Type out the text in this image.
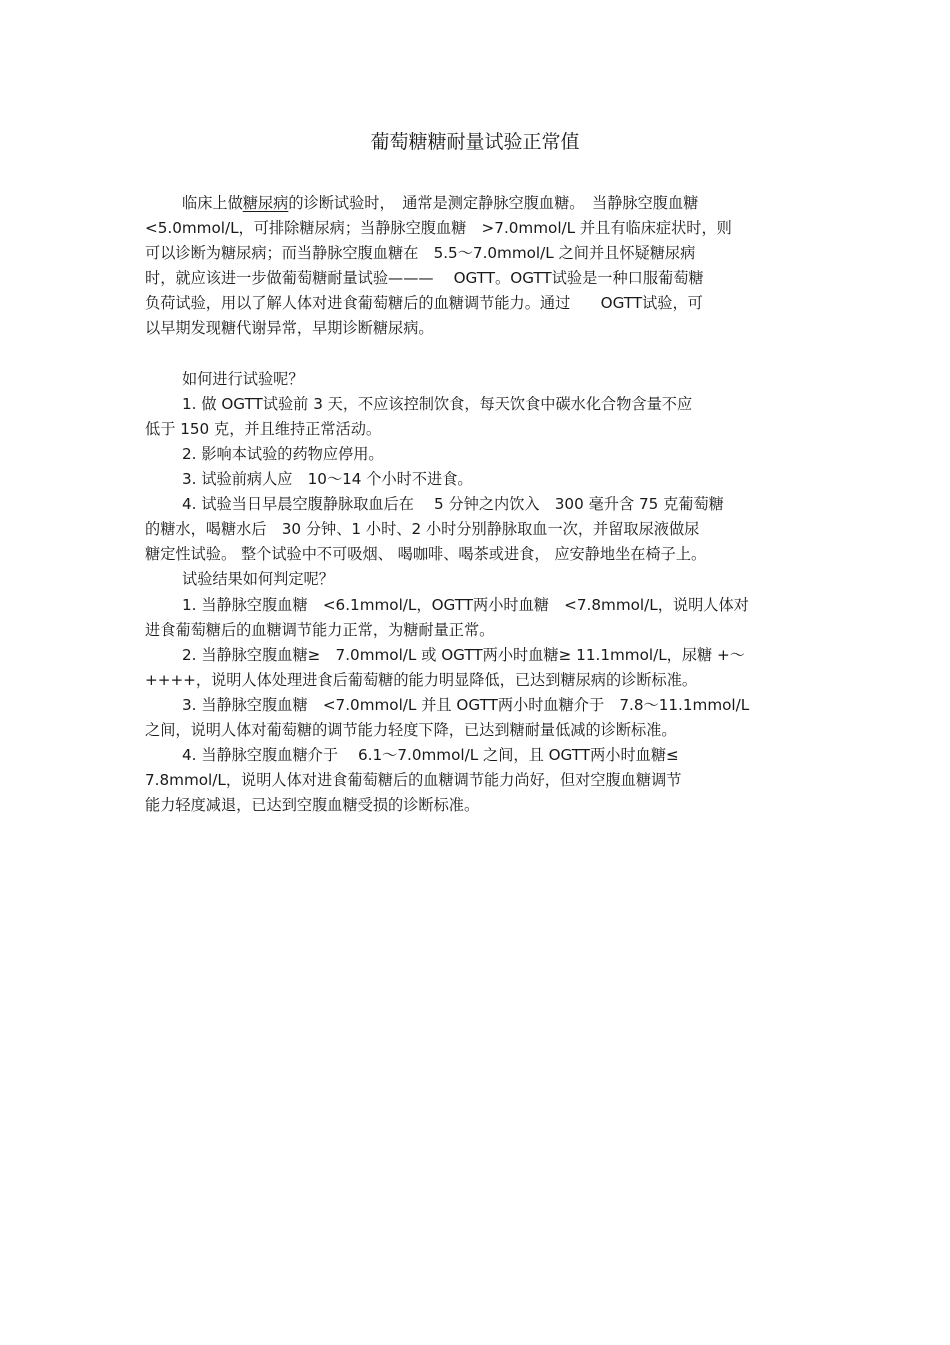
葡萄糖糖耐量试验正常值

临床上做糖尿病的诊断试验时，　通常是测定静脉空腹血糖。　当静脉空腹血糖

<5.0mmol/L，可排除糖尿病；当静脉空腹血糖　>7.0mmol/L 并且有临床症状时，则

可以诊断为糖尿病；而当静脉空腹血糖在　5.5～7.0mmol/L 之间并且怀疑糖尿病

时，就应该进一步做葡萄糖耐量试验———　 OGTT。OGTT试验是一种口服葡萄糖

负荷试验，用以了解人体对进食葡萄糖后的血糖调节能力。通过　　OGTT试验，可

以早期发现糖代谢异常，早期诊断糖尿病。

如何进行试验呢？

1. 做 OGTT试验前 3 天，不应该控制饮食，每天饮食中碳水化合物含量不应

低于 150 克，并且维持正常活动。

2. 影响本试验的药物应停用。

3. 试验前病人应　10～14 个小时不进食。

4. 试验当日早晨空腹静脉取血后在　 5 分钟之内饮入　300 毫升含 75 克葡萄糖

的糖水，喝糖水后　30 分钟、1 小时、2 小时分别静脉取血一次，并留取尿液做尿

糖定性试验。 整个试验中不可吸烟、 喝咖啡、喝茶或进食， 应安静地坐在椅子上。

试验结果如何判定呢？

1. 当静脉空腹血糖　<6.1mmol/L，OGTT两小时血糖　<7.8mmol/L，说明人体对

进食葡萄糖后的血糖调节能力正常，为糖耐量正常。

2. 当静脉空腹血糖≥　7.0mmol/L 或 OGTT两小时血糖≥ 11.1mmol/L，尿糖 +～

++++，说明人体处理进食后葡萄糖的能力明显降低，已达到糖尿病的诊断标准。

3. 当静脉空腹血糖　<7.0mmol/L 并且 OGTT两小时血糖介于　7.8～11.1mmol/L

之间，说明人体对葡萄糖的调节能力轻度下降，已达到糖耐量低减的诊断标准。

4. 当静脉空腹血糖介于　 6.1～7.0mmol/L 之间，且 OGTT两小时血糖≤

7.8mmol/L，说明人体对进食葡萄糖后的血糖调节能力尚好，但对空腹血糖调节

能力轻度减退，已达到空腹血糖受损的诊断标准。
